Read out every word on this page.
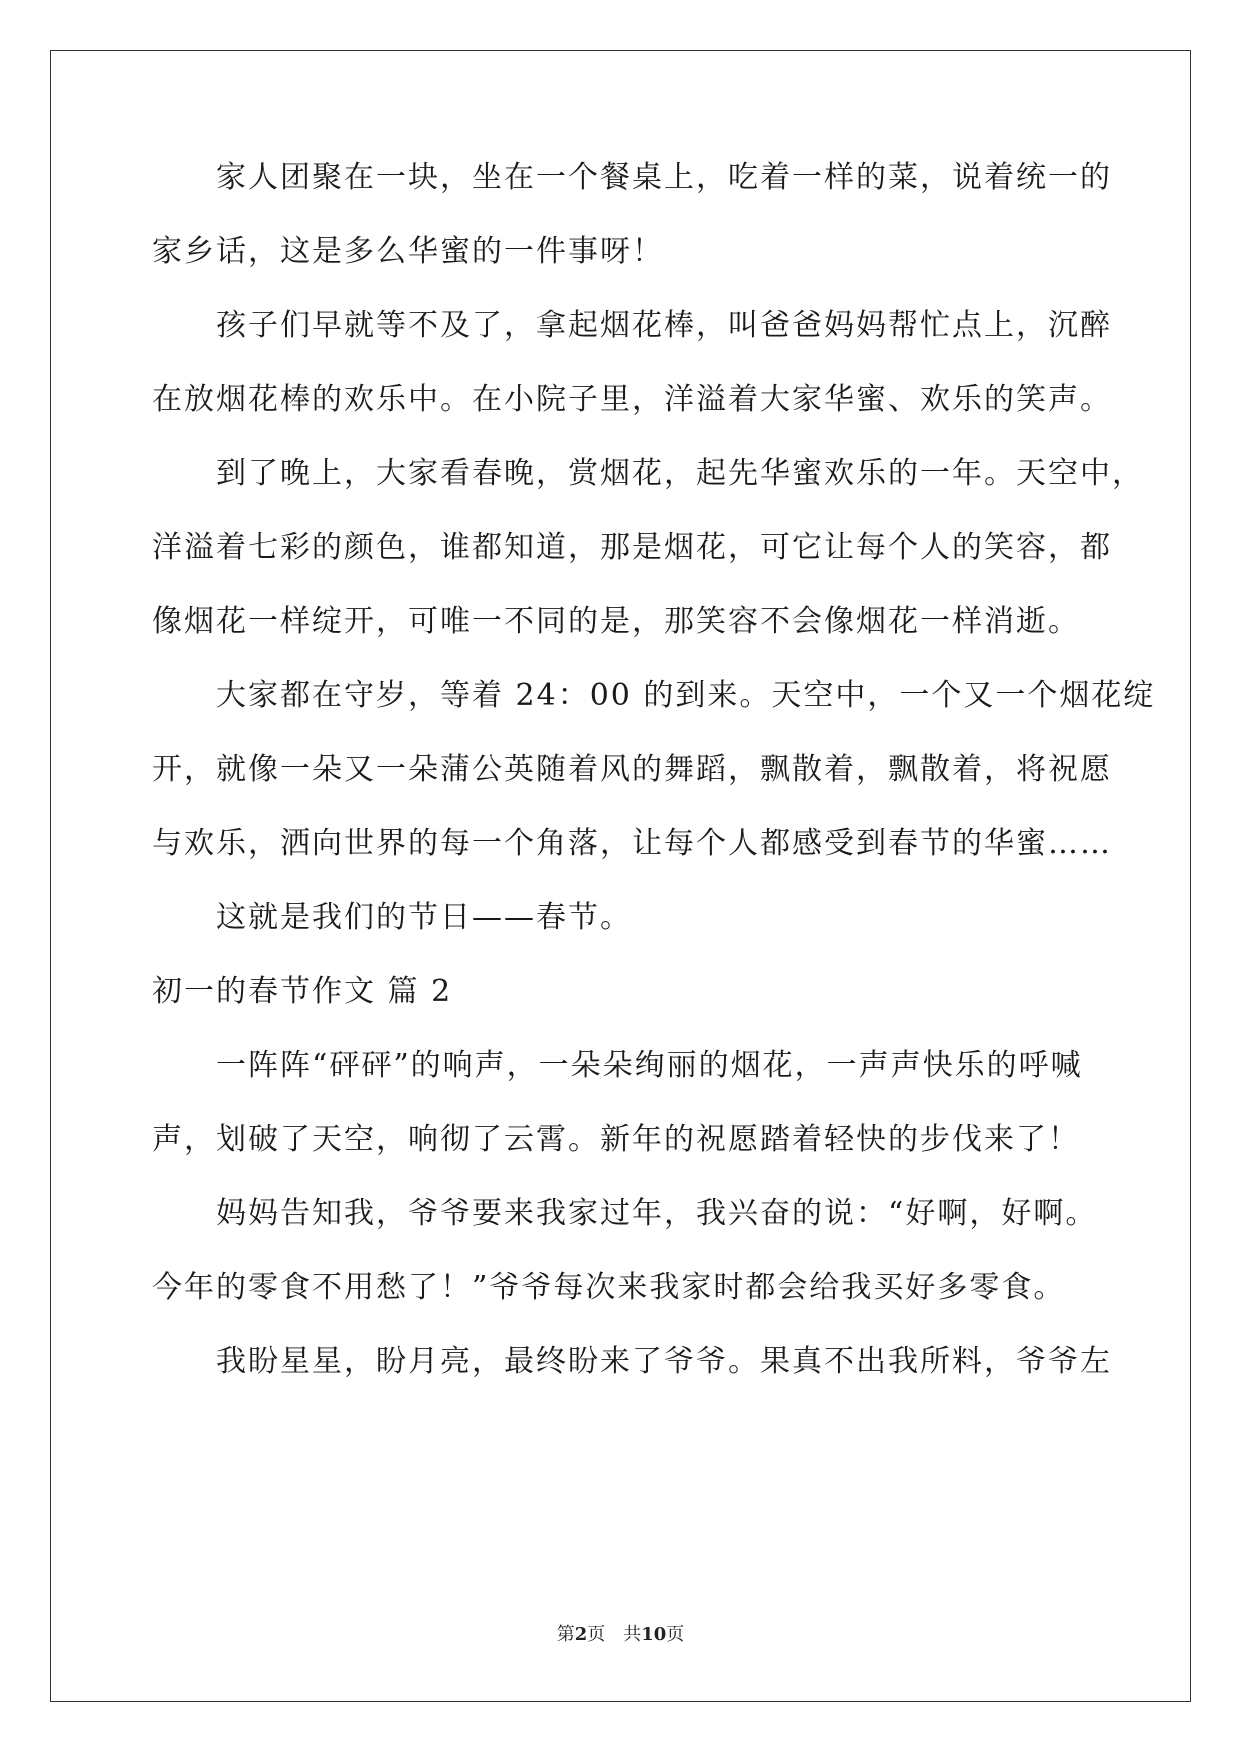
家人团聚在一块，坐在一个餐桌上，吃着一样的菜，说着统一的
家乡话，这是多么华蜜的一件事呀！
孩子们早就等不及了，拿起烟花棒，叫爸爸妈妈帮忙点上，沉醉
在放烟花棒的欢乐中。在小院子里，洋溢着大家华蜜、欢乐的笑声。
到了晚上，大家看春晚，赏烟花，起先华蜜欢乐的一年。天空中，
洋溢着七彩的颜色，谁都知道，那是烟花，可它让每个人的笑容，都
像烟花一样绽开，可唯一不同的是，那笑容不会像烟花一样消逝。
大家都在守岁，等着 24：00 的到来。天空中，一个又一个烟花绽
开，就像一朵又一朵蒲公英随着风的舞蹈，飘散着，飘散着，将祝愿
与欢乐，洒向世界的每一个角落，让每个人都感受到春节的华蜜……
这就是我们的节日——春节。
初一的春节作文 篇 2
一阵阵“砰砰”的响声，一朵朵绚丽的烟花，一声声快乐的呼喊
声，划破了天空，响彻了云霄。新年的祝愿踏着轻快的步伐来了！
妈妈告知我，爷爷要来我家过年，我兴奋的说：“好啊，好啊。
今年的零食不用愁了！”爷爷每次来我家时都会给我买好多零食。
我盼星星，盼月亮，最终盼来了爷爷。果真不出我所料，爷爷左
第2页　共10页
